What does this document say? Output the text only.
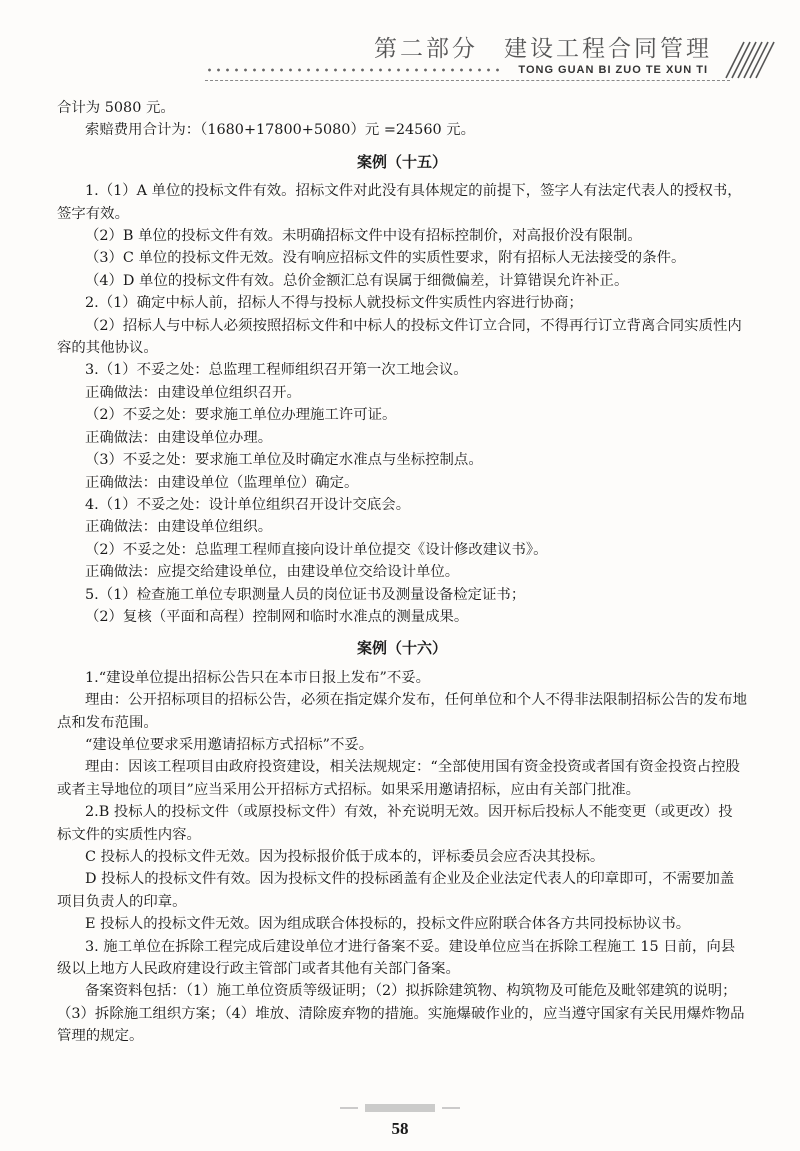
第二部分　建设工程合同管理
TONG GUAN BI ZUO TE XUN TI

合计为 5080 元。

索赔费用合计为：（1680+17800+5080）元 =24560 元。

案例（十五）

1.（1）A 单位的投标文件有效。招标文件对此没有具体规定的前提下，签字人有法定代表人的授权书，签字有效。

（2）B 单位的投标文件有效。未明确招标文件中设有招标控制价，对高报价没有限制。

（3）C 单位的投标文件无效。没有响应招标文件的实质性要求，附有招标人无法接受的条件。

（4）D 单位的投标文件有效。总价金额汇总有误属于细微偏差，计算错误允许补正。

2.（1）确定中标人前，招标人不得与投标人就投标文件实质性内容进行协商；

（2）招标人与中标人必须按照招标文件和中标人的投标文件订立合同，不得再行订立背离合同实质性内容的其他协议。

3.（1）不妥之处：总监理工程师组织召开第一次工地会议。

正确做法：由建设单位组织召开。

（2）不妥之处：要求施工单位办理施工许可证。

正确做法：由建设单位办理。

（3）不妥之处：要求施工单位及时确定水准点与坐标控制点。

正确做法：由建设单位（监理单位）确定。

4.（1）不妥之处：设计单位组织召开设计交底会。

正确做法：由建设单位组织。

（2）不妥之处：总监理工程师直接向设计单位提交《设计修改建议书》。

正确做法：应提交给建设单位，由建设单位交给设计单位。

5.（1）检查施工单位专职测量人员的岗位证书及测量设备检定证书；

（2）复核（平面和高程）控制网和临时水准点的测量成果。

案例（十六）

1.“建设单位提出招标公告只在本市日报上发布”不妥。

理由：公开招标项目的招标公告，必须在指定媒介发布，任何单位和个人不得非法限制招标公告的发布地点和发布范围。

“建设单位要求采用邀请招标方式招标”不妥。

理由：因该工程项目由政府投资建设，相关法规规定：“全部使用国有资金投资或者国有资金投资占控股或者主导地位的项目”应当采用公开招标方式招标。如果采用邀请招标，应由有关部门批准。

2.B 投标人的投标文件（或原投标文件）有效，补充说明无效。因开标后投标人不能变更（或更改）投标文件的实质性内容。

C 投标人的投标文件无效。因为投标报价低于成本的，评标委员会应否决其投标。

D 投标人的投标文件有效。因为投标文件的投标函盖有企业及企业法定代表人的印章即可，不需要加盖项目负责人的印章。

E 投标人的投标文件无效。因为组成联合体投标的，投标文件应附联合体各方共同投标协议书。

3. 施工单位在拆除工程完成后建设单位才进行备案不妥。建设单位应当在拆除工程施工 15 日前，向县级以上地方人民政府建设行政主管部门或者其他有关部门备案。

备案资料包括：（1）施工单位资质等级证明；（2）拟拆除建筑物、构筑物及可能危及毗邻建筑的说明；（3）拆除施工组织方案；（4）堆放、清除废弃物的措施。实施爆破作业的，应当遵守国家有关民用爆炸物品管理的规定。

58
